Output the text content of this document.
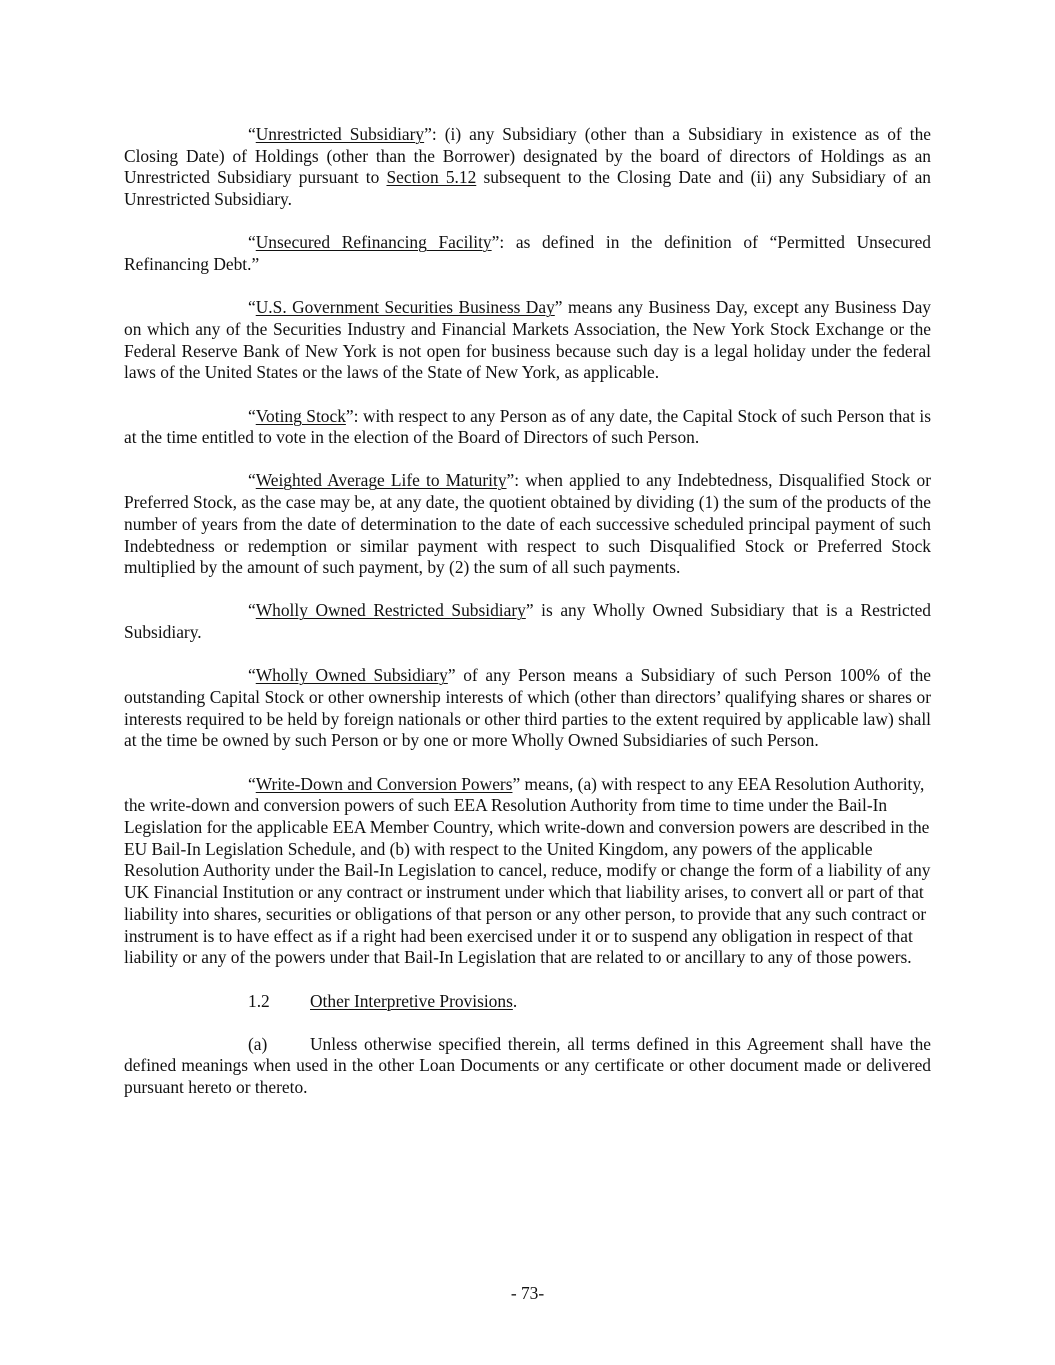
“Unrestricted Subsidiary”: (i) any Subsidiary (other than a Subsidiary in existence as of the Closing Date) of Holdings (other than the Borrower) designated by the board of directors of Holdings as an Unrestricted Subsidiary pursuant to Section 5.12 subsequent to the Closing Date and (ii) any Subsidiary of an Unrestricted Subsidiary.

“Unsecured Refinancing Facility”: as defined in the definition of “Permitted Unsecured Refinancing Debt.”

“U.S. Government Securities Business Day” means any Business Day, except any Business Day on which any of the Securities Industry and Financial Markets Association, the New York Stock Exchange or the Federal Reserve Bank of New York is not open for business because such day is a legal holiday under the federal laws of the United States or the laws of the State of New York, as applicable.

“Voting Stock”: with respect to any Person as of any date, the Capital Stock of such Person that is at the time entitled to vote in the election of the Board of Directors of such Person.

“Weighted Average Life to Maturity”: when applied to any Indebtedness, Disqualified Stock or Preferred Stock, as the case may be, at any date, the quotient obtained by dividing (1) the sum of the products of the number of years from the date of determination to the date of each successive scheduled principal payment of such Indebtedness or redemption or similar payment with respect to such Disqualified Stock or Preferred Stock multiplied by the amount of such payment, by (2) the sum of all such payments.

“Wholly Owned Restricted Subsidiary” is any Wholly Owned Subsidiary that is a Restricted Subsidiary.

“Wholly Owned Subsidiary” of any Person means a Subsidiary of such Person 100% of the outstanding Capital Stock or other ownership interests of which (other than directors’ qualifying shares or shares or interests required to be held by foreign nationals or other third parties to the extent required by applicable law) shall at the time be owned by such Person or by one or more Wholly Owned Subsidiaries of such Person.

“Write-Down and Conversion Powers” means, (a) with respect to any EEA Resolution Authority, the write-down and conversion powers of such EEA Resolution Authority from time to time under the Bail-In Legislation for the applicable EEA Member Country, which write-down and conversion powers are described in the EU Bail-In Legislation Schedule, and (b) with respect to the United Kingdom, any powers of the applicable Resolution Authority under the Bail-In Legislation to cancel, reduce, modify or change the form of a liability of any UK Financial Institution or any contract or instrument under which that liability arises, to convert all or part of that liability into shares, securities or obligations of that person or any other person, to provide that any such contract or instrument is to have effect as if a right had been exercised under it or to suspend any obligation in respect of that liability or any of the powers under that Bail-In Legislation that are related to or ancillary to any of those powers.

1.2 Other Interpretive Provisions.

(a) Unless otherwise specified therein, all terms defined in this Agreement shall have the defined meanings when used in the other Loan Documents or any certificate or other document made or delivered pursuant hereto or thereto.

- 73-
